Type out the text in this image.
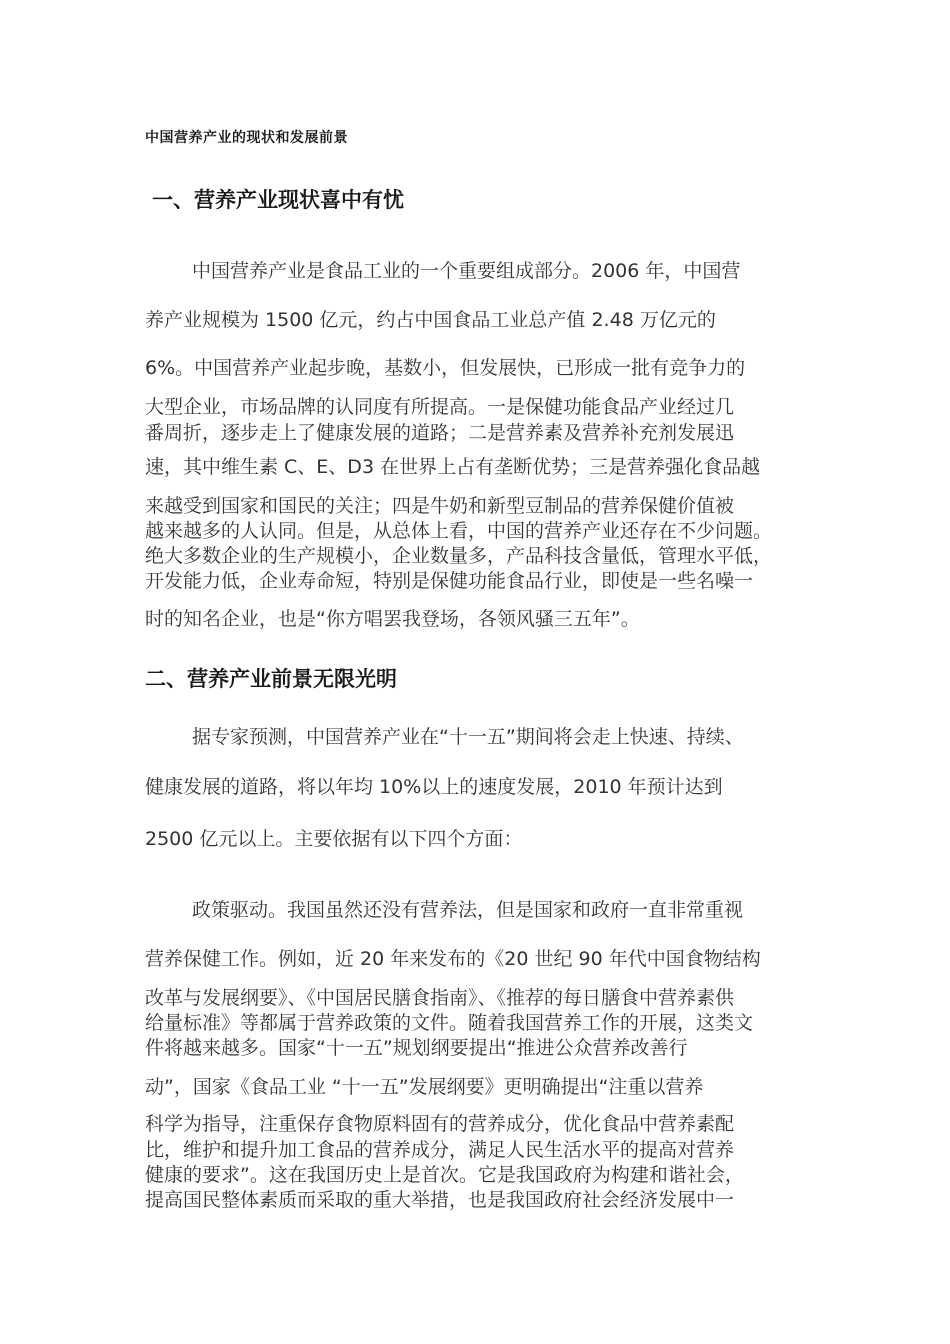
中国营养产业的现状和发展前景
一、营养产业现状喜中有忧
中国营养产业是食品工业的一个重要组成部分。2006 年，中国营
养产业规模为 1500 亿元，约占中国食品工业总产值 2.48 万亿元的
6%。中国营养产业起步晚，基数小，但发展快，已形成一批有竞争力的
大型企业，市场品牌的认同度有所提高。一是保健功能食品产业经过几
番周折，逐步走上了健康发展的道路；二是营养素及营养补充剂发展迅
速，其中维生素 C、E、D3 在世界上占有垄断优势；三是营养强化食品越
来越受到国家和国民的关注；四是牛奶和新型豆制品的营养保健价值被
越来越多的人认同。但是，从总体上看，中国的营养产业还存在不少问题。
绝大多数企业的生产规模小，企业数量多，产品科技含量低，管理水平低，
开发能力低，企业寿命短，特别是保健功能食品行业，即使是一些名噪一
时的知名企业，也是“你方唱罢我登场，各领风骚三五年”。
二、营养产业前景无限光明
据专家预测，中国营养产业在“十一五”期间将会走上快速、持续、
健康发展的道路，将以年均 10%以上的速度发展，2010 年预计达到
2500 亿元以上。主要依据有以下四个方面：
政策驱动。我国虽然还没有营养法，但是国家和政府一直非常重视
营养保健工作。例如，近 20 年来发布的《20 世纪 90 年代中国食物结构
改革与发展纲要》、《中国居民膳食指南》、《推荐的每日膳食中营养素供
给量标准》等都属于营养政策的文件。随着我国营养工作的开展，这类文
件将越来越多。国家“十一五”规划纲要提出“推进公众营养改善行
动”，国家《食品工业 “十一五”发展纲要》更明确提出“注重以营养
科学为指导，注重保存食物原料固有的营养成分，优化食品中营养素配
比，维护和提升加工食品的营养成分，满足人民生活水平的提高对营养
健康的要求”。这在我国历史上是首次。它是我国政府为构建和谐社会，
提高国民整体素质而采取的重大举措，也是我国政府社会经济发展中一
